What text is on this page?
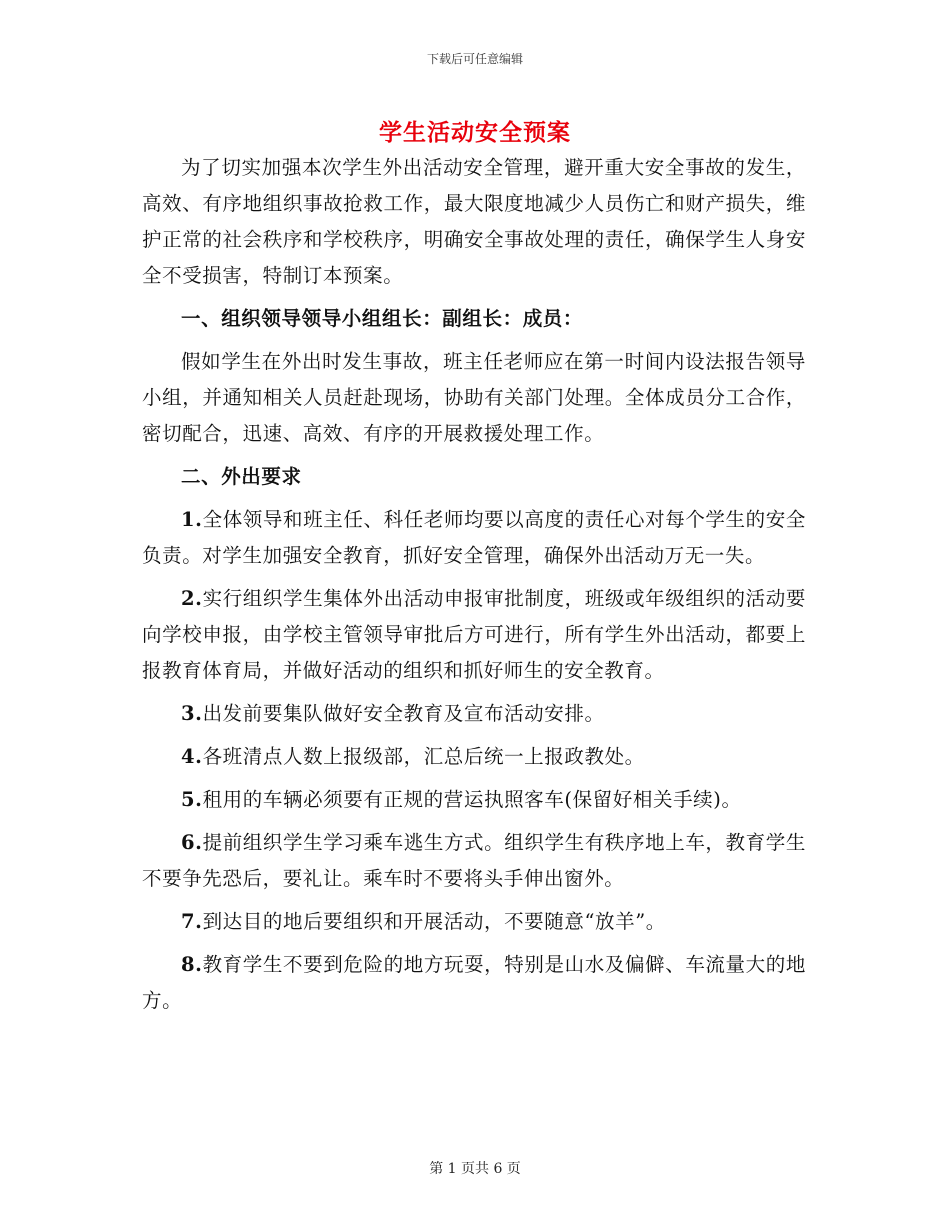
下载后可任意编辑
学生活动安全预案

为了切实加强本次学生外出活动安全管理，避开重大安全事故的发生，高效、有序地组织事故抢救工作，最大限度地减少人员伤亡和财产损失，维护正常的社会秩序和学校秩序，明确安全事故处理的责任，确保学生人身安全不受损害，特制订本预案。

一、组织领导领导小组组长：副组长：成员：

假如学生在外出时发生事故，班主任老师应在第一时间内设法报告领导小组，并通知相关人员赶赴现场，协助有关部门处理。全体成员分工合作，密切配合，迅速、高效、有序的开展救援处理工作。

二、外出要求

1.全体领导和班主任、科任老师均要以高度的责任心对每个学生的安全负责。对学生加强安全教育，抓好安全管理，确保外出活动万无一失。

2.实行组织学生集体外出活动申报审批制度，班级或年级组织的活动要向学校申报，由学校主管领导审批后方可进行，所有学生外出活动，都要上报教育体育局，并做好活动的组织和抓好师生的安全教育。

3.出发前要集队做好安全教育及宣布活动安排。

4.各班清点人数上报级部，汇总后统一上报政教处。

5.租用的车辆必须要有正规的营运执照客车(保留好相关手续)。

6.提前组织学生学习乘车逃生方式。组织学生有秩序地上车，教育学生不要争先恐后，要礼让。乘车时不要将头手伸出窗外。

7.到达目的地后要组织和开展活动，不要随意“放羊”。

8.教育学生不要到危险的地方玩耍，特别是山水及偏僻、车流量大的地方。

第 1 页共 6 页
